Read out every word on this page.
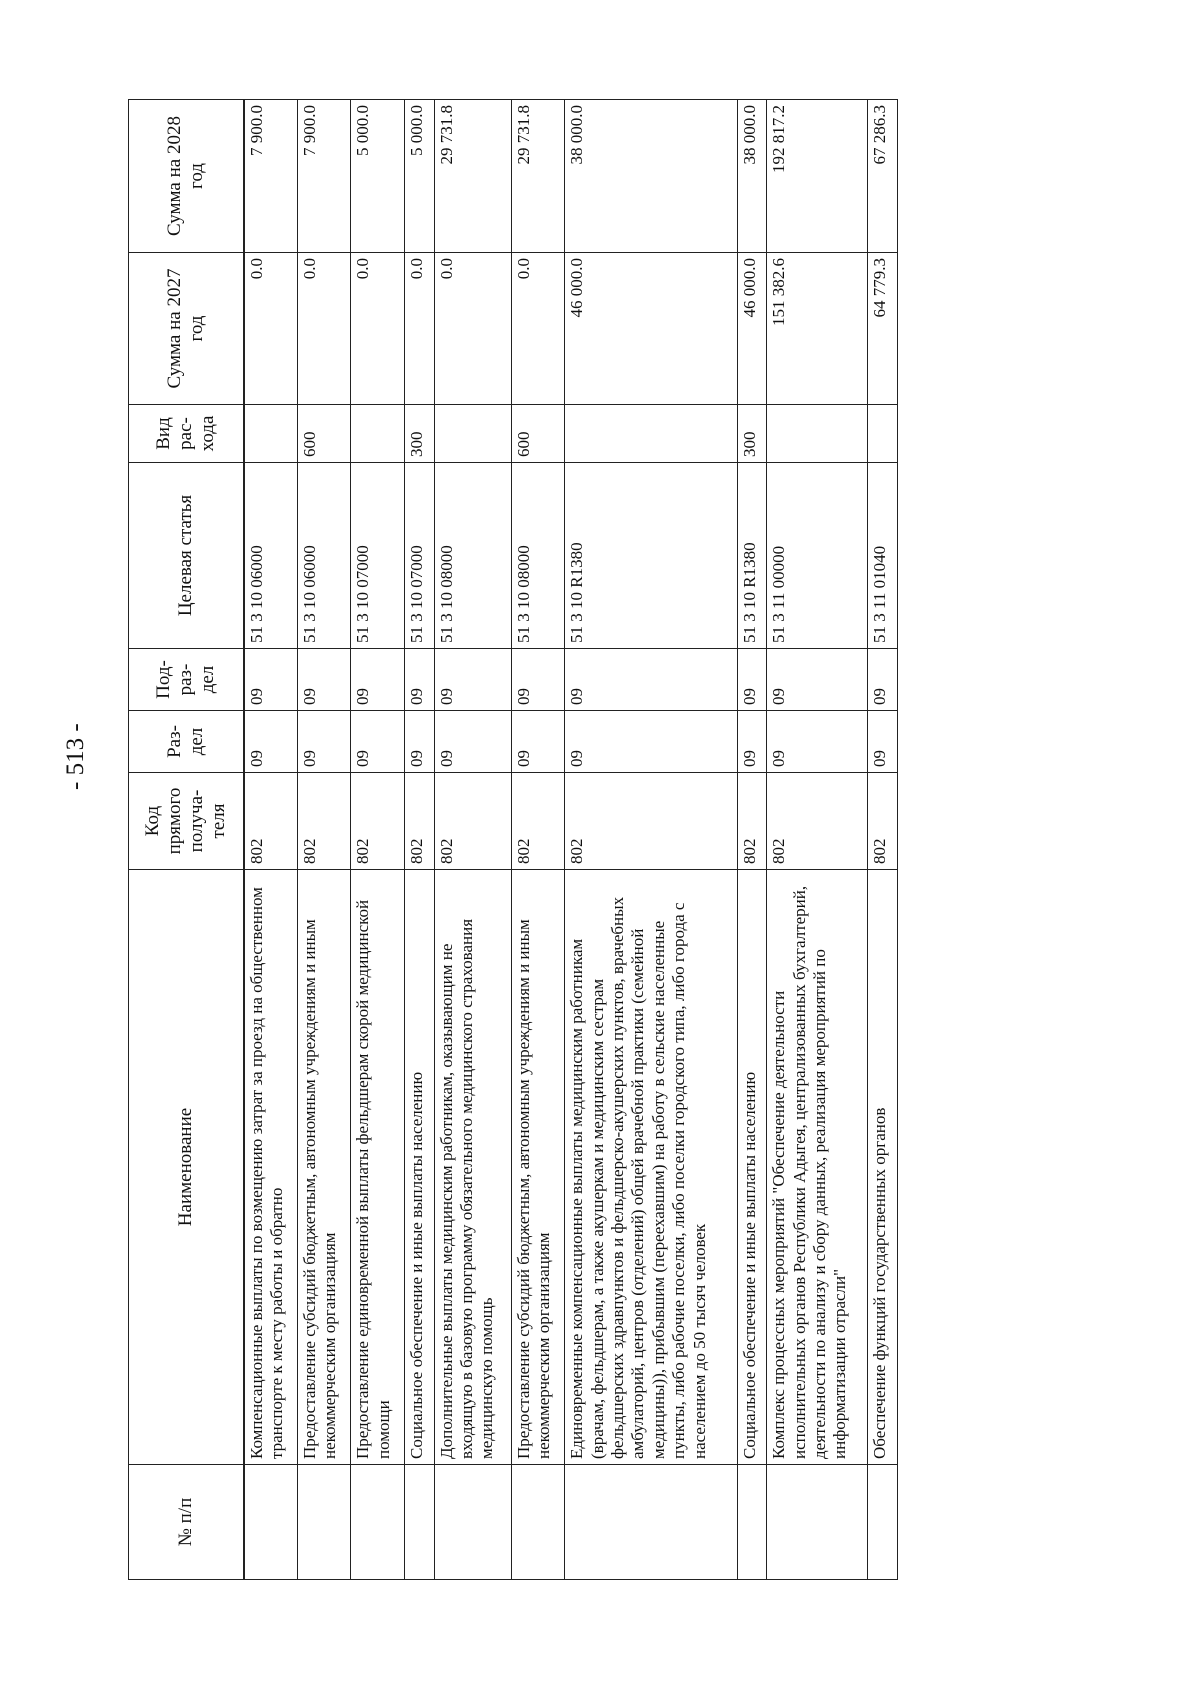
- 513 -
№ п/п	Наименование	Код прямого получа-теля	Раз-дел	Под-раз-дел	Целевая статья	Вид рас-хода	Сумма на 2027 год	Сумма на 2028 год
	Компенсационные выплаты по возмещению затрат за проезд на общественном транспорте к месту работы и обратно	802	09	09	51 3 10 06000		0.0	7 900.0
	Предоставление субсидий бюджетным, автономным учреждениям и иным некоммерческим организациям	802	09	09	51 3 10 06000	600	0.0	7 900.0
	Предоставление единовременной выплаты фельдшерам скорой медицинской помощи	802	09	09	51 3 10 07000		0.0	5 000.0
	Социальное обеспечение и иные выплаты населению	802	09	09	51 3 10 07000	300	0.0	5 000.0
	Дополнительные выплаты медицинским работникам, оказывающим не входящую в базовую программу обязательного медицинского страхования медицинскую помощь	802	09	09	51 3 10 08000		0.0	29 731.8
	Предоставление субсидий бюджетным, автономным учреждениям и иным некоммерческим организациям	802	09	09	51 3 10 08000	600	0.0	29 731.8
	Единовременные компенсационные выплаты медицинским работникам (врачам, фельдшерам, а также акушеркам и медицинским сестрам фельдшерских здравпунктов и фельдшерско-акушерских пунктов, врачебных амбулаторий, центров (отделений) общей врачебной практики (семейной медицины)), прибывшим (переехавшим) на работу в сельские населенные пункты, либо рабочие поселки, либо поселки городского типа, либо города с населением до 50 тысяч человек	802	09	09	51 3 10 R1380		46 000.0	38 000.0
	Социальное обеспечение и иные выплаты населению	802	09	09	51 3 10 R1380	300	46 000.0	38 000.0
	Комплекс процессных мероприятий "Обеспечение деятельности исполнительных органов Республики Адыгея, централизованных бухгалтерий, деятельности по анализу и сбору данных, реализация мероприятий по информатизации отрасли"	802	09	09	51 3 11 00000		151 382.6	192 817.2
	Обеспечение функций государственных органов	802	09	09	51 3 11 01040		64 779.3	67 286.3
